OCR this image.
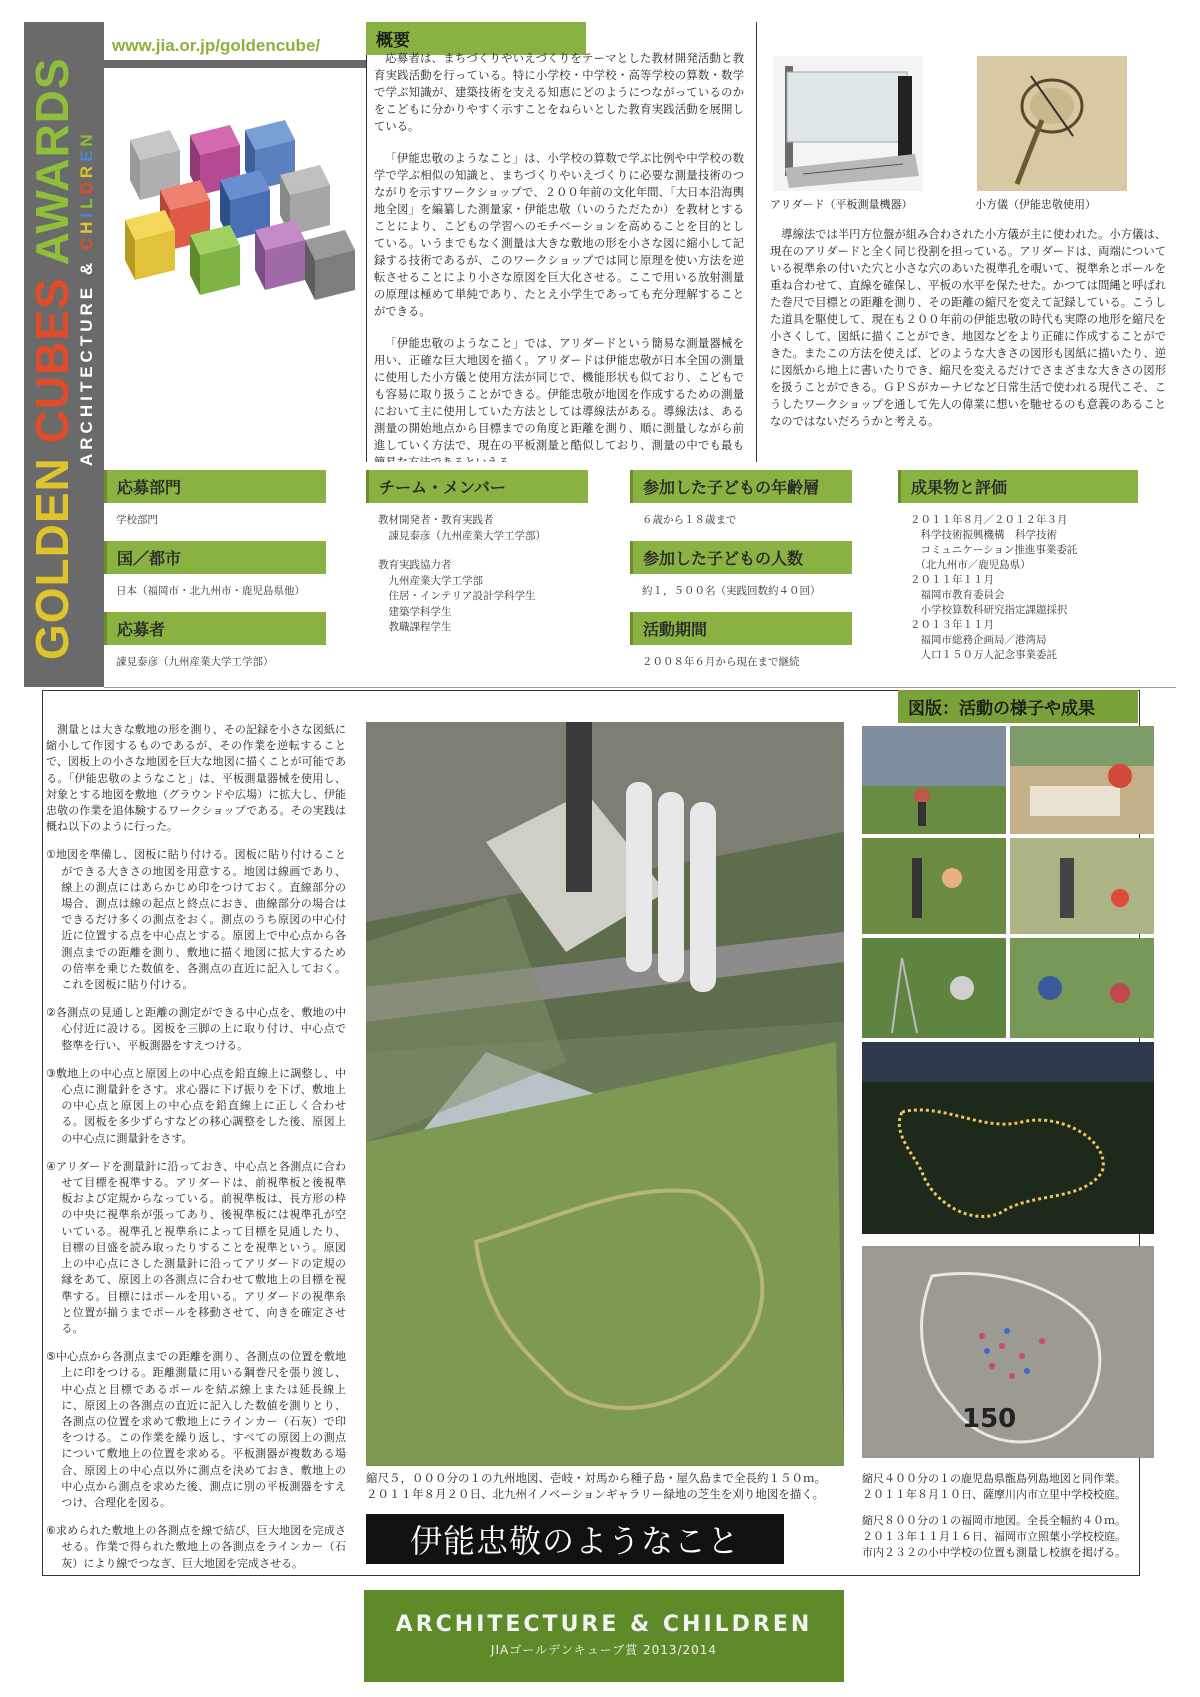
GOLDEN CUBES AWARDS
ARCHITECTURE & CHILDREN
www.jia.or.jp/goldencube/	概要

応募者は、まちづくりやいえづくりをテーマとした教材開発活動と教育実践活動を行っている。特に小学校・中学校・高等学校の算数・数学で学ぶ知識が、建築技術を支える知恵にどのようにつながっているのかをこどもに分かりやすく示すことをねらいとした教育実践活動を展開している。

「伊能忠敬のようなこと」は、小学校の算数で学ぶ比例や中学校の数学で学ぶ相似の知識と、まちづくりやいえづくりに必要な測量技術のつながりを示すワークショップで、２００年前の文化年間、「大日本沿海輿地全図」を編纂した測量家・伊能忠敬（いのうただたか）を教材とすることにより、こどもの学習へのモチベーションを高めることを目的としている。いうまでもなく測量は大きな敷地の形を小さな図に縮小して記録する技術であるが、このワークショップでは同じ原理を使い方法を逆転させることにより小さな原図を巨大化させる。ここで用いる放射測量の原理は極めて単純であり、たとえ小学生であっても充分理解することができる。

「伊能忠敬のようなこと」では、アリダードという簡易な測量器械を用い、正確な巨大地図を描く。アリダードは伊能忠敬が日本全国の測量に使用した小方儀と使用方法が同じで、機能形状も似ており、こどもでも容易に取り扱うことができる。伊能忠敬が地図を作成するための測量において主に使用していた方法としては導線法がある。導線法は、ある測量の開始地点から目標までの角度と距離を測り、順に測量しながら前進していく方法で、現在の平板測量と酷似しており、測量の中でも最も

アリダード（平板測量機器）	小方儀（伊能忠敬使用）

導線法では半円方位盤が組み合わされた小方儀が主に使われた。小方儀は、現在のアリダードと全く同じ役割を担っている。アリダードは、両端についている視準糸の付いた穴と小さな穴のあいた視準孔を覗いて、視準糸とポールを重ね合わせて、直線を確保し、平板の水平を保たせた。かつては間縄と呼ばれた巻尺で目標との距離を測り、その距離の縮尺を変えて記録している。こうした道具を駆使して、現在も２００年前の伊能忠敬の時代も実際の地形を縮尺を小さくして、図紙に描くことができ、地図などをより正確に作成することができた。またこの方法を使えば、どのような大きさの図形も図紙に描いたり、逆に図紙から地上に書いたりでき、縮尺を変えるだけでさまざまな大きさの図形を扱うことができる。ＧＰＳがカーナビなど日常生活で使われる現代こそ、こうしたワークショップを通して先人の偉業に想いを馳せるのも意義のあることなのではないだろうかと考える。

応募部門
学校部門
国／都市
日本（福岡市・北九州市・鹿児島県他）
応募者
諌見泰彦（九州産業大学工学部）
チーム・メンバー
教材開発者・教育実践者
　諌見泰彦（九州産業大学工学部）
教育実践協力者
　九州産業大学工学部
　住居・インテリア設計学科学生
　建築学科学生
　教職課程学生
参加した子どもの年齢層
６歳から１８歳まで
参加した子どもの人数
約１，５００名（実践回数約４０回）
活動期間
２００８年６月から現在まで継続
成果物と評価
２０１１年８月／２０１２年３月
　科学技術振興機構　科学技術
　コミュニケーション推進事業委託
　（北九州市／鹿児島県）
２０１１年１１月
　福岡市教育委員会
　小学校算数科研究指定課題採択
２０１３年１１月
　福岡市総務企画局／港湾局
　人口１５０万人記念事業委託
図版：活動の様子や成果

測量とは大きな敷地の形を測り、その記録を小さな図紙に縮小して作図するものであるが、その作業を逆転することで、図板上の小さな地図を巨大な地図に描くことが可能である。「伊能忠敬のようなこと」は、平板測量器械を使用し、対象とする地図を敷地（グラウンドや広場）に拡大し、伊能忠敬の作業を追体験するワークショップである。その実践は概ね以下のように行った。

①地図を準備し、図板に貼り付ける。図板に貼り付けることができる大きさの地図を用意する。地図は線画であり、線上の測点にはあらかじめ印をつけておく。直線部分の場合、測点は線の起点と終点におき、曲線部分の場合はできるだけ多くの測点をおく。測点のうち原図の中心付近に位置する点を中心点とする。原図上で中心点から各測点までの距離を測り、敷地に描く地図に拡大するための倍率を乗じた数値を、各測点の直近に記入しておく。これを図板に貼り付ける。

②各測点の見通しと距離の測定ができる中心点を、敷地の中心付近に設ける。図板を三脚の上に取り付け、中心点で整準を行い、平板測器をすえつける。

③敷地上の中心点と原図上の中心点を鉛直線上に調整し、中心点に測量針をさす。求心器に下げ振りを下げ、敷地上の中心点と原図上の中心点を鉛直線上に正しく合わせる。図板を多少ずらすなどの移心調整をした後、原図上の中心点に測量針をさす。

④アリダードを測量針に沿っておき、中心点と各測点に合わせて目標を視準する。アリダードは、前視準板と後視準板および定規からなっている。前視準板は、長方形の枠の中央に視準糸が張ってあり、後視準板には視準孔が空いている。視準孔と視準糸によって目標を見通したり、目標の目盛を読み取ったりすることを視準という。原図上の中心点にさした測量針に沿ってアリダードの定規の縁をあて、原図上の各測点に合わせて敷地上の目標を視準する。目標にはポールを用いる。アリダードの視準糸と位置が揃うまでポールを移動させて、向きを確定させる。

⑤中心点から各測点までの距離を測り、各測点の位置を敷地上に印をつける。距離測量に用いる鋼巻尺を張り渡し、中心点と目標であるポールを結ぶ線上または延長線上に、原図上の各測点の直近に記入した数値を測りとり、各測点の位置を求めて敷地上にラインカー（石灰）で印をつける。この作業を繰り返し、すべての原図上の測点について敷地上の位置を求める。平板測器が複数ある場合、原図上の中心点以外に測点を決めておき、敷地上の中心点から測点を求めた後、測点に別の平板測器をすえつけ、合理化を図る。

⑥求められた敷地上の各測点を線で結び、巨大地図を完成させる。作業で得られた敷地上の各測点をラインカー（石灰）により線でつなぎ、巨大地図を完成させる。

縮尺５，０００分の１の九州地図、壱岐・対馬から種子島・屋久島まで全長約１５０ｍ。
２０１１年８月２０日、北九州イノベーションギャラリー緑地の芝生を刈り地図を描く。
150
縮尺４００分の１の鹿児島県甑島列島地図と同作業。
２０１１年８月１０日、薩摩川内市立里中学校校庭。
縮尺８００分の１の福岡市地図。全長全幅約４０ｍ。
２０１３年１１月１６日、福岡市立照葉小学校校庭。
市内２３２の小中学校の位置も測量し校旗を掲げる。
伊能忠敬のようなこと
ARCHITECTURE & CHILDREN
JIAゴールデンキューブ賞 2013/2014
